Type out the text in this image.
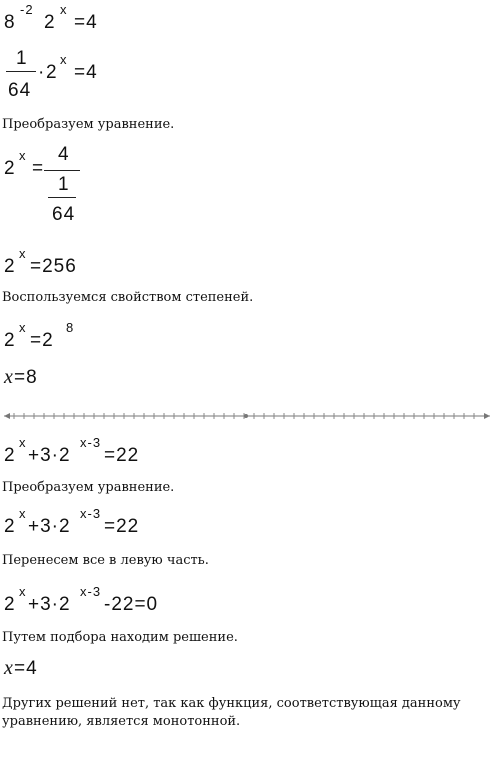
8
-2
2
x
=4
1
64
· 2
x
=4
Преобразуем уравнение.
2
x
=
4
1
64
2
x
=256
Воспользуемся свойством степеней.
2
x
=2
8
x =8
2
x
+3·2
x-3
=22
Преобразуем уравнение.
2
x
+3·2
x-3
=22
Перенесем все в левую часть.
2
x
+3·2
x-3
-22=0
Путем подбора находим решение.
x =4
Других решений нет, так как функция, соответствующая данному
уравнению, является монотонной.
